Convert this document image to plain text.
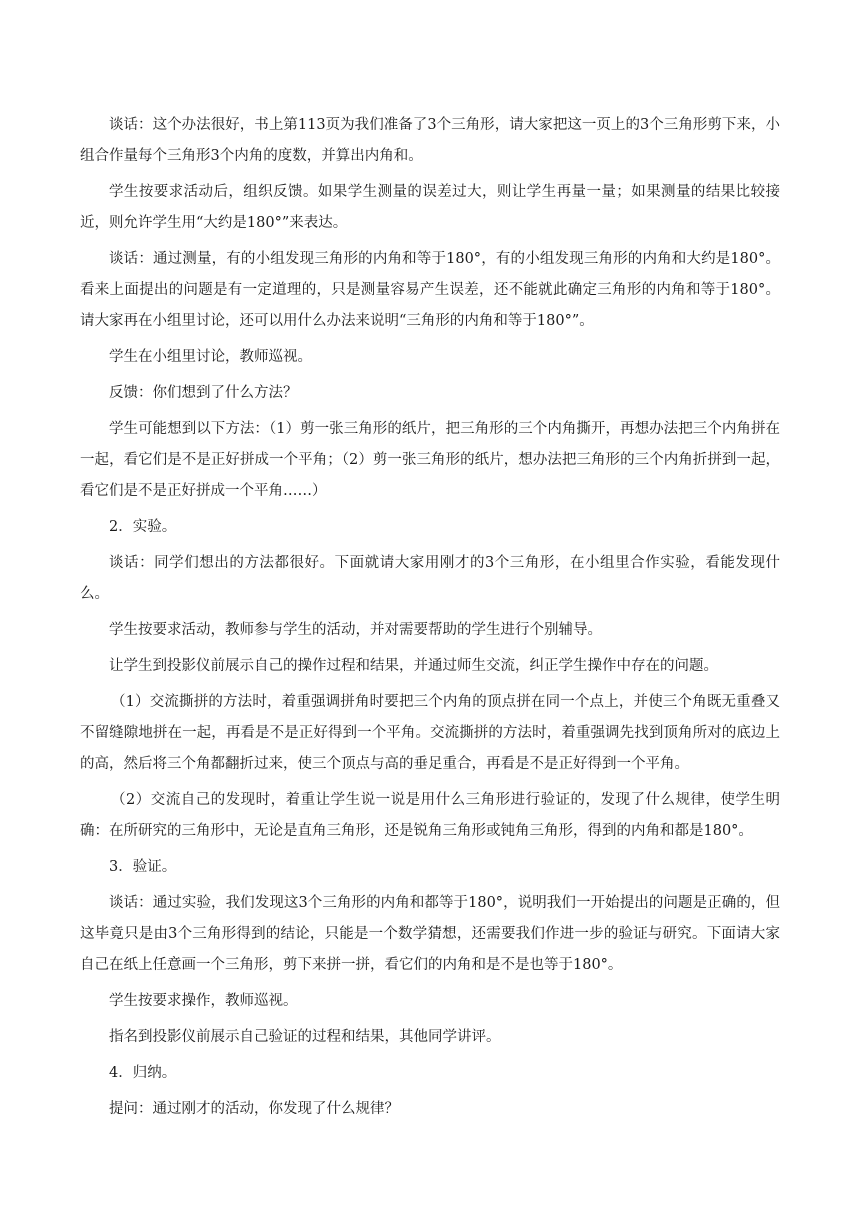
谈话：这个办法很好，书上第113页为我们准备了3个三角形，请大家把这一页上的3个三角形剪下来，小组合作量每个三角形3个内角的度数，并算出内角和。

学生按要求活动后，组织反馈。如果学生测量的误差过大，则让学生再量一量；如果测量的结果比较接近，则允许学生用“大约是180°”来表达。

谈话：通过测量，有的小组发现三角形的内角和等于180°，有的小组发现三角形的内角和大约是180°。看来上面提出的问题是有一定道理的，只是测量容易产生误差，还不能就此确定三角形的内角和等于180°。请大家再在小组里讨论，还可以用什么办法来说明“三角形的内角和等于180°”。

学生在小组里讨论，教师巡视。

反馈：你们想到了什么方法？

学生可能想到以下方法：（1）剪一张三角形的纸片，把三角形的三个内角撕开，再想办法把三个内角拼在一起，看它们是不是正好拼成一个平角；（2）剪一张三角形的纸片，想办法把三角形的三个内角折拼到一起，看它们是不是正好拼成一个平角……）

2．实验。

谈话：同学们想出的方法都很好。下面就请大家用刚才的3个三角形，在小组里合作实验，看能发现什么。

学生按要求活动，教师参与学生的活动，并对需要帮助的学生进行个别辅导。

让学生到投影仪前展示自己的操作过程和结果，并通过师生交流，纠正学生操作中存在的问题。

（1）交流撕拼的方法时，着重强调拼角时要把三个内角的顶点拼在同一个点上，并使三个角既无重叠又不留缝隙地拼在一起，再看是不是正好得到一个平角。交流撕拼的方法时，着重强调先找到顶角所对的底边上的高，然后将三个角都翻折过来，使三个顶点与高的垂足重合，再看是不是正好得到一个平角。

（2）交流自己的发现时，着重让学生说一说是用什么三角形进行验证的，发现了什么规律，使学生明确：在所研究的三角形中，无论是直角三角形，还是锐角三角形或钝角三角形，得到的内角和都是180°。

3．验证。

谈话：通过实验，我们发现这3个三角形的内角和都等于180°，说明我们一开始提出的问题是正确的，但这毕竟只是由3个三角形得到的结论，只能是一个数学猜想，还需要我们作进一步的验证与研究。下面请大家自己在纸上任意画一个三角形，剪下来拼一拼，看它们的内角和是不是也等于180°。

学生按要求操作，教师巡视。

指名到投影仪前展示自己验证的过程和结果，其他同学讲评。

4．归纳。

提问：通过刚才的活动，你发现了什么规律？
